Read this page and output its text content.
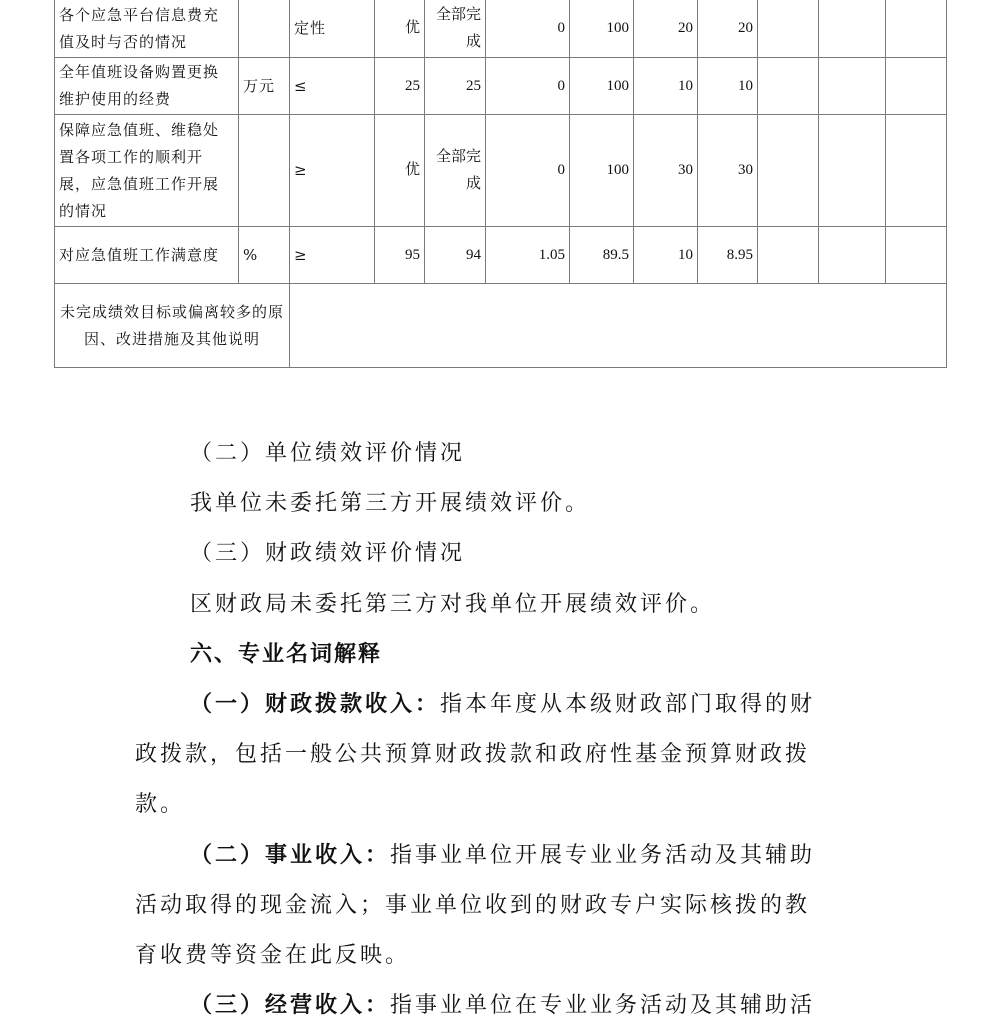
各个应急平台信息费充值及时与否的情况		定性	优	全部完成	0	100	20	20			
全年值班设备购置更换维护使用的经费	万元	≤	25	25	0	100	10	10			
保障应急值班、维稳处置各项工作的顺利开展，应急值班工作开展的情况		≥	优	全部完成	0	100	30	30			
对应急值班工作满意度	%	≥	95	94	1.05	89.5	10	8.95			
未完成绩效目标或偏离较多的原因、改进措施及其他说明											
（二）单位绩效评价情况
我单位未委托第三方开展绩效评价。
（三）财政绩效评价情况
区财政局未委托第三方对我单位开展绩效评价。
六、专业名词解释
（一）财政拨款收入：指本年度从本级财政部门取得的财
政拨款，包括一般公共预算财政拨款和政府性基金预算财政拨
款。
（二）事业收入：指事业单位开展专业业务活动及其辅助
活动取得的现金流入；事业单位收到的财政专户实际核拨的教
育收费等资金在此反映。
（三）经营收入：指事业单位在专业业务活动及其辅助活
